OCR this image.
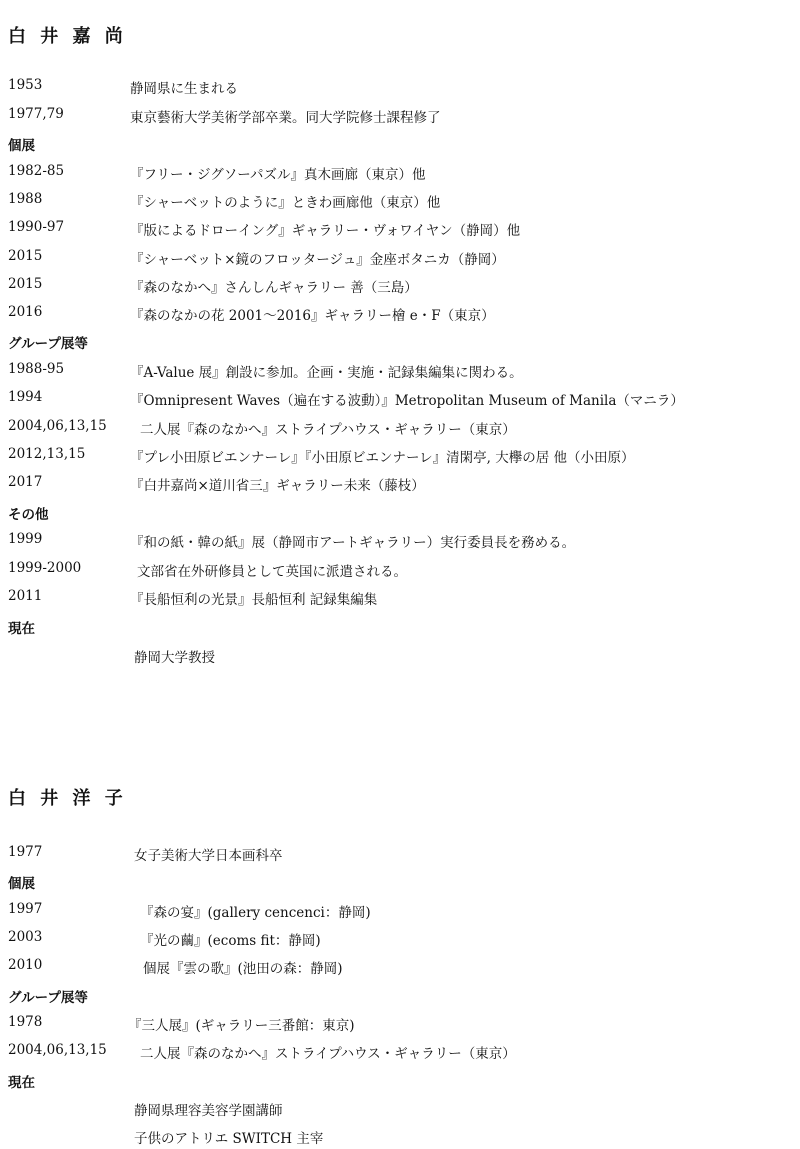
白 井 嘉 尚
1953	静岡県に生まれる
1977,79	東京藝術大学美術学部卒業。同大学院修士課程修了
個展
1982-85	『フリー・ジグソーパズル』真木画廊（東京）他
1988	『シャーベットのように』ときわ画廊他（東京）他
1990-97	『版によるドローイング』ギャラリー・ヴォワイヤン（静岡）他
2015	『シャーベット×鏡のフロッタージュ』金座ボタニカ（静岡）
2015	『森のなかへ』さんしんギャラリー 善（三島）
2016	『森のなかの花 2001～2016』ギャラリー檜 e・F（東京）
グループ展等
1988-95	『A-Value 展』創設に参加。企画・実施・記録集編集に関わる。
1994	『Omnipresent Waves（遍在する波動）』Metropolitan Museum of Manila（マニラ）
2004,06,13,15 二人展『森のなかへ』ストライプハウス・ギャラリー（東京）
2012,13,15	『プレ小田原ビエンナーレ』『小田原ビエンナーレ』清閑亭, 大欅の居 他（小田原）
2017	『白井嘉尚×道川省三』ギャラリー未来（藤枝）
その他
1999	『和の紙・韓の紙』展（静岡市アートギャラリー）実行委員長を務める。
1999-2000	文部省在外研修員として英国に派遣される。
2011	『長船恒利の光景』長船恒利 記録集編集
現在
静岡大学教授
白 井 洋 子
1977	女子美術大学日本画科卒
個展
1997	『森の宴』(gallery cencenci：静岡)
2003	『光の繭』(ecoms fit：静岡)
2010	個展『雲の歌』(池田の森：静岡)
グループ展等
1978	『三人展』(ギャラリー三番館：東京)
2004,06,13,15 二人展『森のなかへ』ストライプハウス・ギャラリー（東京）
現在
静岡県理容美容学園講師
子供のアトリエ SWITCH 主宰
